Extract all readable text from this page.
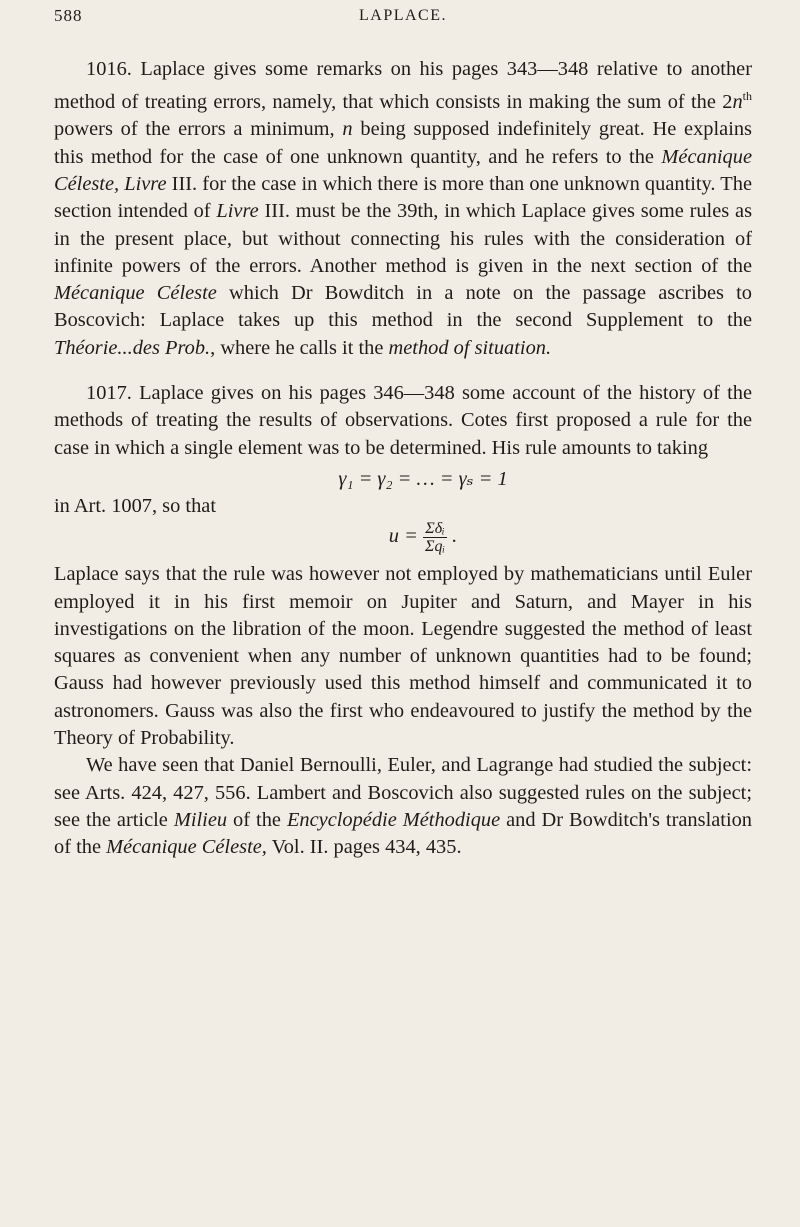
588	LAPLACE.

1016. Laplace gives some remarks on his pages 343—348 relative to another method of treating errors, namely, that which consists in making the sum of the $2n^{th}$ powers of the errors a minimum, n being supposed indefinitely great. He explains this method for the case of one unknown quantity, and he refers to the Mécanique Céleste, Livre III. for the case in which there is more than one unknown quantity. The section intended of Livre III. must be the 39th, in which Laplace gives some rules as in the present place, but without connecting his rules with the consideration of infinite powers of the errors. Another method is given in the next section of the Mécanique Céleste which Dr Bowditch in a note on the passage ascribes to Boscovich: Laplace takes up this method in the second Supplement to the Théorie...des Prob., where he calls it the method of situation.

1017. Laplace gives on his pages 346—348 some account of the history of the methods of treating the results of observations. Cotes first proposed a rule for the case in which a single element was to be determined. His rule amounts to taking

γ₁ = γ₂ = … = γₛ = 1

in Art. 1007, so that

$u = \frac{\text{Σδᵢ}}{\text{Σqᵢ}}$ .

Laplace says that the rule was however not employed by mathematicians until Euler employed it in his first memoir on Jupiter and Saturn, and Mayer in his investigations on the libration of the moon. Legendre suggested the method of least squares as convenient when any number of unknown quantities had to be found; Gauss had however previously used this method himself and communicated it to astronomers. Gauss was also the first who endeavoured to justify the method by the Theory of Probability.

We have seen that Daniel Bernoulli, Euler, and Lagrange had studied the subject: see Arts. 424, 427, 556. Lambert and Boscovich also suggested rules on the subject; see the article Milieu of the Encyclopédie Méthodique and Dr Bowditch's translation of the Mécanique Céleste, Vol. II. pages 434, 435.
